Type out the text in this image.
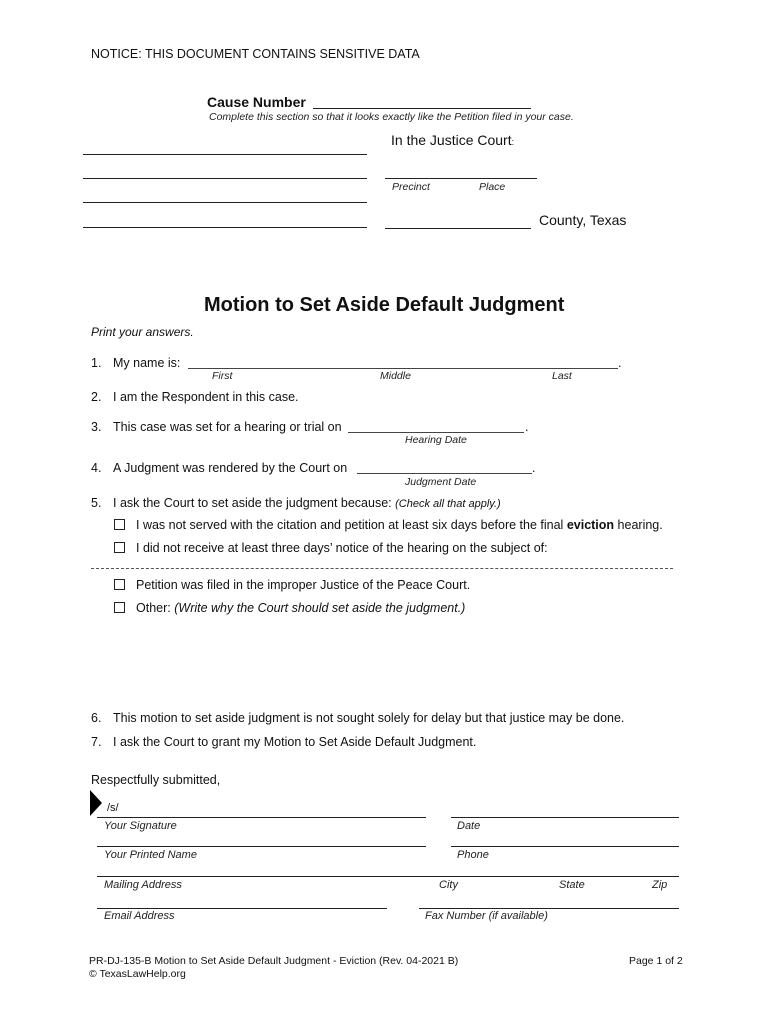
NOTICE: THIS DOCUMENT CONTAINS SENSITIVE DATA
Cause Number
Complete this section so that it looks exactly like the Petition filed in your case.
In the Justice Court:
Precinct	Place
County, Texas
Motion to Set Aside Default Judgment
Print your answers.
1. My name is:	.
First	Middle	Last
2. I am the Respondent in this case.
3. This case was set for a hearing or trial on	.
Hearing Date
4. A Judgment was rendered by the Court on	.
Judgment Date
5. I ask the Court to set aside the judgment because: (Check all that apply.)
I was not served with the citation and petition at least six days before the final eviction hearing.
I did not receive at least three days’ notice of the hearing on the subject of:
Petition was filed in the improper Justice of the Peace Court.
Other: (Write why the Court should set aside the judgment.)
6. This motion to set aside judgment is not sought solely for delay but that justice may be done.
7. I ask the Court to grant my Motion to Set Aside Default Judgment.
Respectfully submitted,
/s/
Your Signature	Date
Your Printed Name	Phone
Mailing Address	City	State	Zip
Email Address	Fax Number (if available)
PR-DJ-135-B Motion to Set Aside Default Judgment - Eviction (Rev. 04-2021 B)
© TexasLawHelp.org
Page 1 of 2
